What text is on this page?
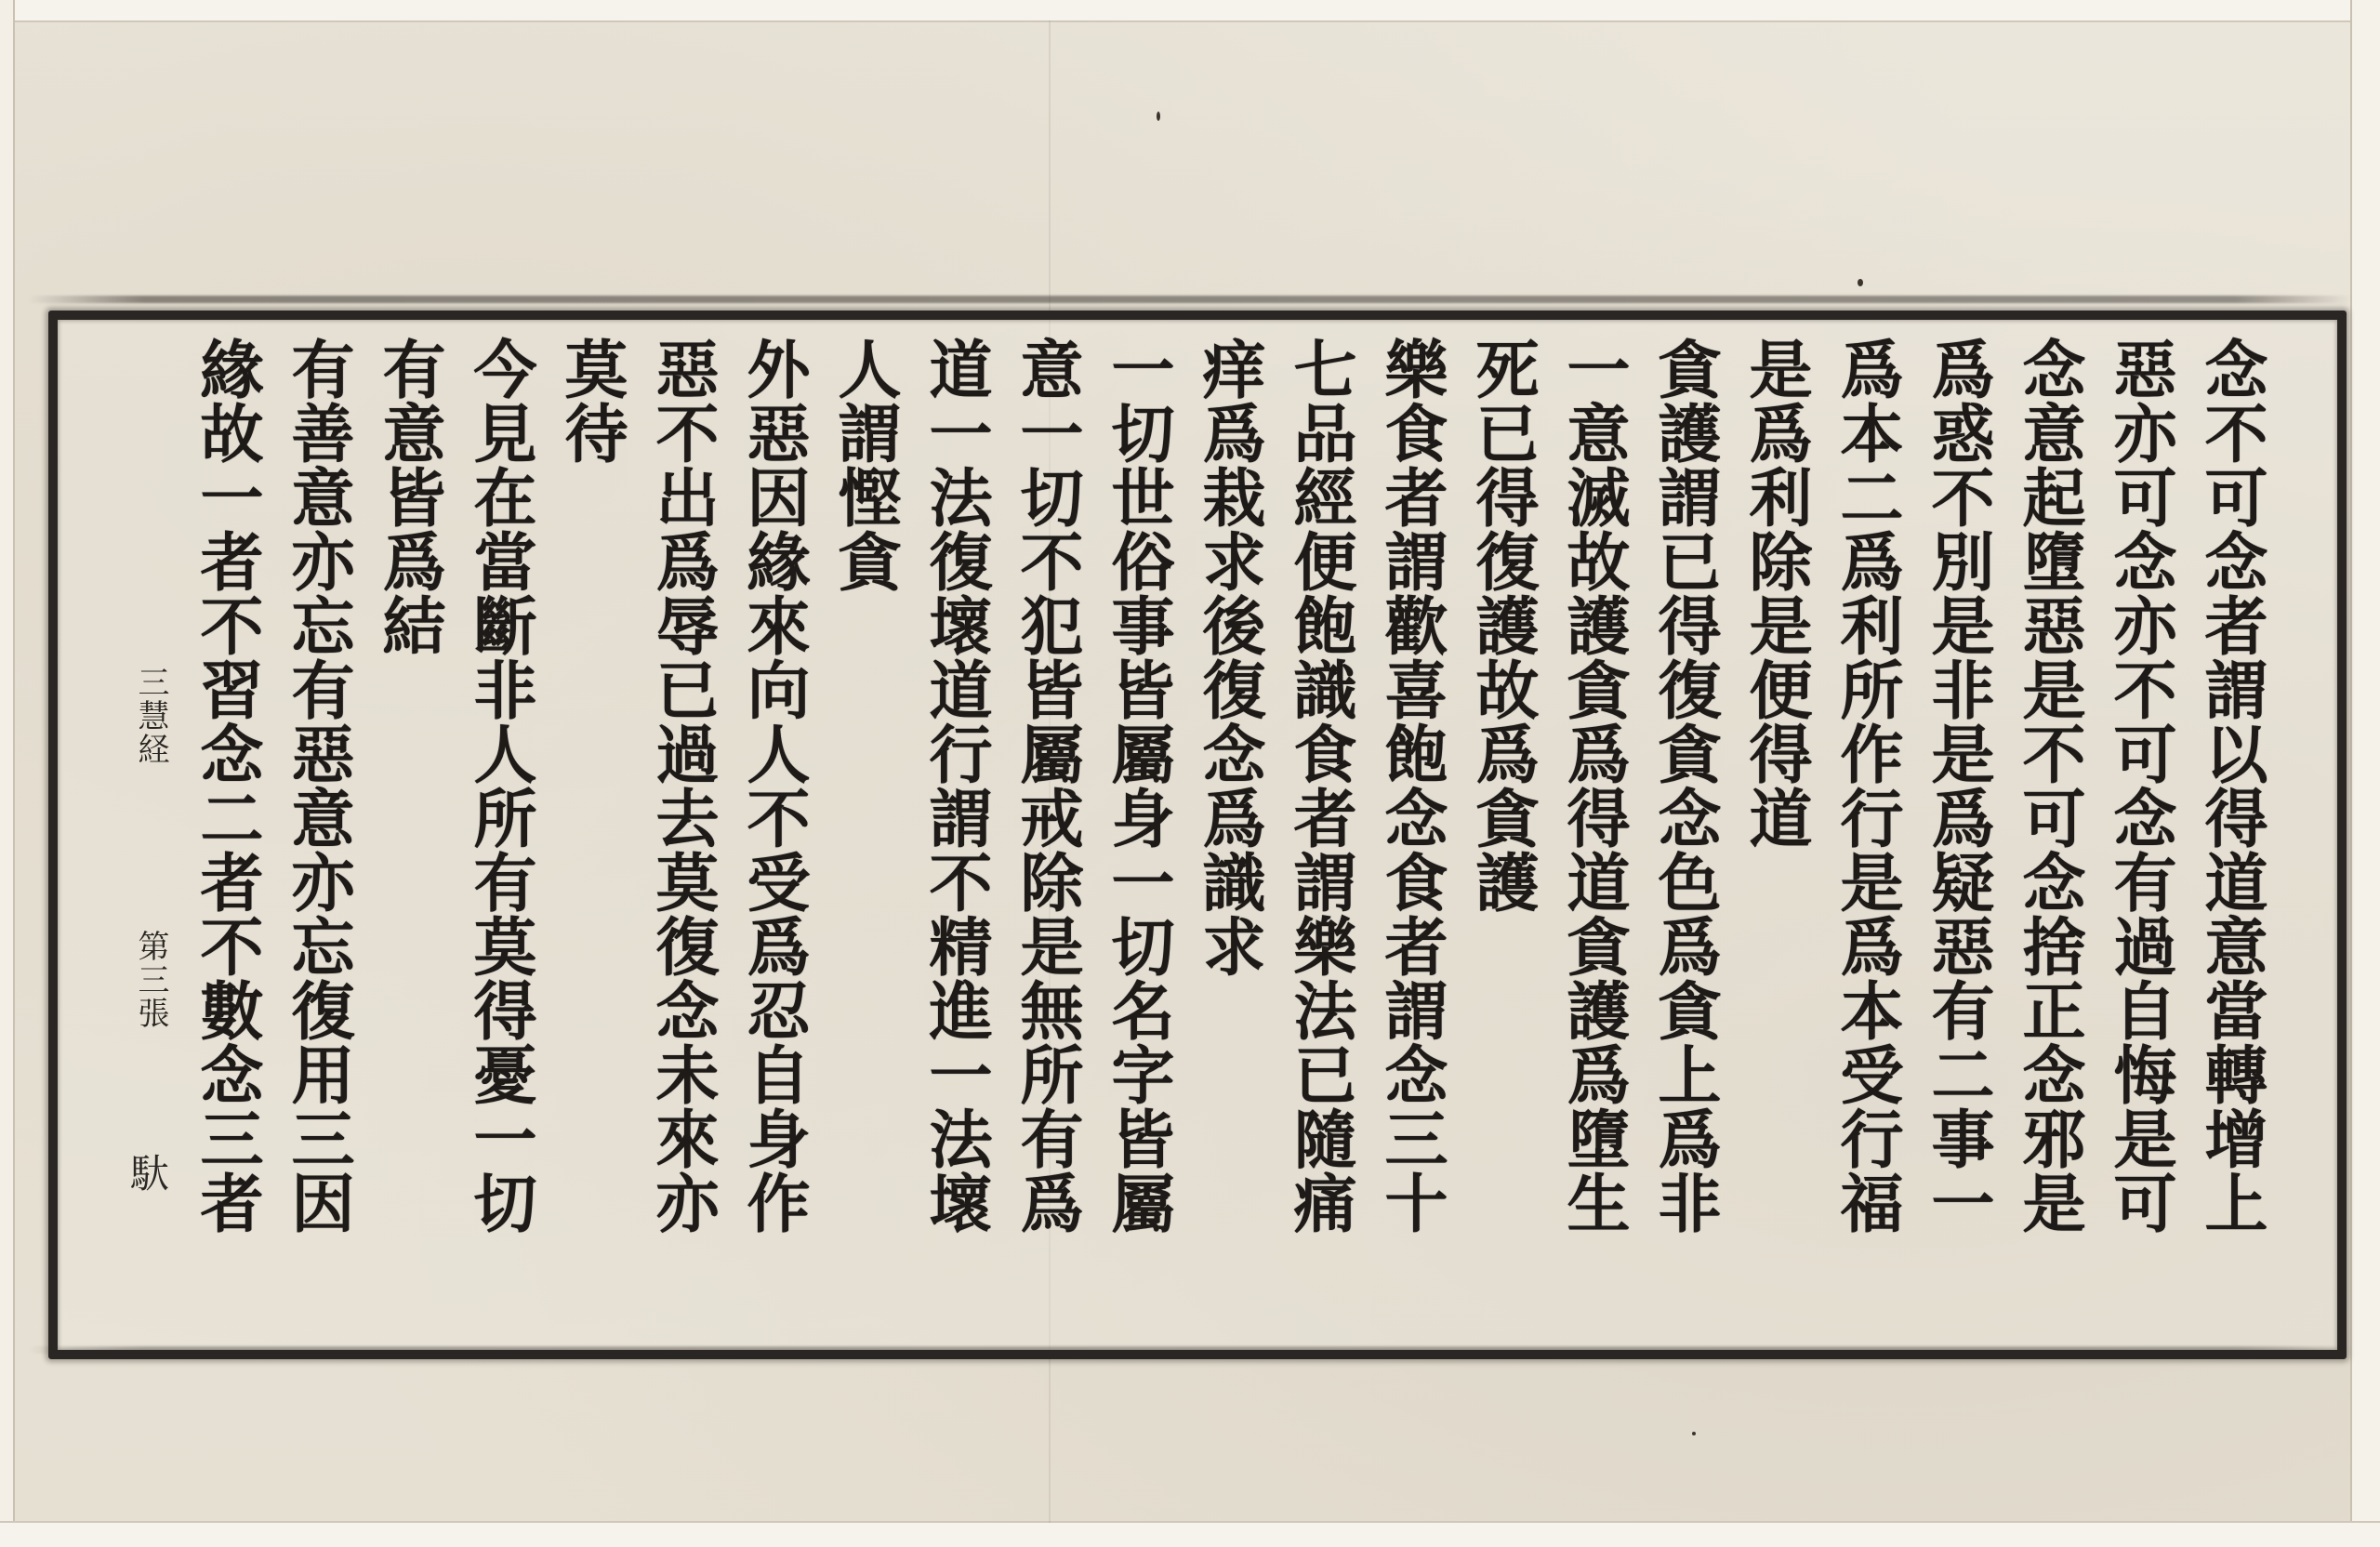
念不可念者謂以得道意當轉增上
惡亦可念亦不可念有過自悔是可
念意起墮惡是不可念捨正念邪是
爲惑不別是非是爲疑惡有二事一
爲本二爲利所作行是爲本受行福
是爲利除是便得道
貪護謂已得復貪念色爲貪上爲非
一意滅故護貪爲得道貪護爲墮生
死已得復護故爲貪護
樂食者謂歡喜飽念食者謂念三十
七品經便飽識食者謂樂法已隨痛
痒爲栽求後復念爲識求
一切世俗事皆屬身一切名字皆屬
意一切不犯皆屬戒除是無所有爲
道一法復壞道行謂不精進一法壞
人謂慳貪
外惡因緣來向人不受爲忍自身作
惡不出爲辱已過去莫復念未來亦
莫待
今見在當斷非人所有莫得憂一切
有意皆爲結
有善意亦忘有惡意亦忘復用三因
緣故一者不習念二者不數念三者
三慧経
第三張
馱
